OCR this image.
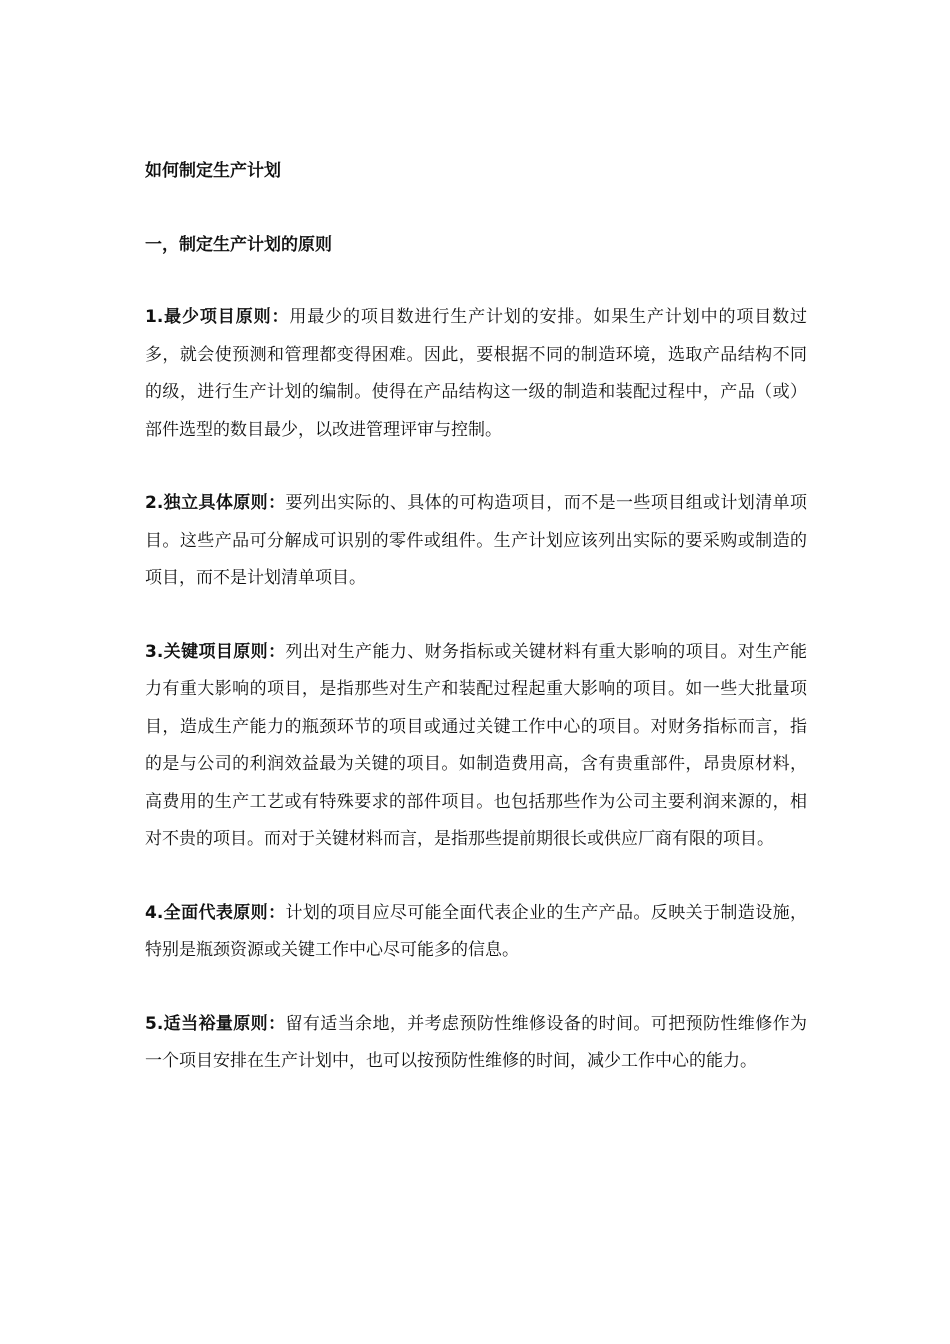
如何制定生产计划
一，制定生产计划的原则

1.最少项目原则：用最少的项目数进行生产计划的安排。如果生产计划中的项目数过多，就会使预测和管理都变得困难。因此，要根据不同的制造环境，选取产品结构不同的级，进行生产计划的编制。使得在产品结构这一级的制造和装配过程中，产品（或）部件选型的数目最少，以改进管理评审与控制。

2.独立具体原则：要列出实际的、具体的可构造项目，而不是一些项目组或计划清单项目。这些产品可分解成可识别的零件或组件。生产计划应该列出实际的要采购或制造的项目，而不是计划清单项目。

3.关键项目原则：列出对生产能力、财务指标或关键材料有重大影响的项目。对生产能力有重大影响的项目，是指那些对生产和装配过程起重大影响的项目。如一些大批量项目，造成生产能力的瓶颈环节的项目或通过关键工作中心的项目。对财务指标而言，指的是与公司的利润效益最为关键的项目。如制造费用高，含有贵重部件，昂贵原材料，高费用的生产工艺或有特殊要求的部件项目。也包括那些作为公司主要利润来源的，相对不贵的项目。而对于关键材料而言，是指那些提前期很长或供应厂商有限的项目。

4.全面代表原则：计划的项目应尽可能全面代表企业的生产产品。反映关于制造设施，特别是瓶颈资源或关键工作中心尽可能多的信息。

5.适当裕量原则：留有适当余地，并考虑预防性维修设备的时间。可把预防性维修作为一个项目安排在生产计划中，也可以按预防性维修的时间，减少工作中心的能力。
